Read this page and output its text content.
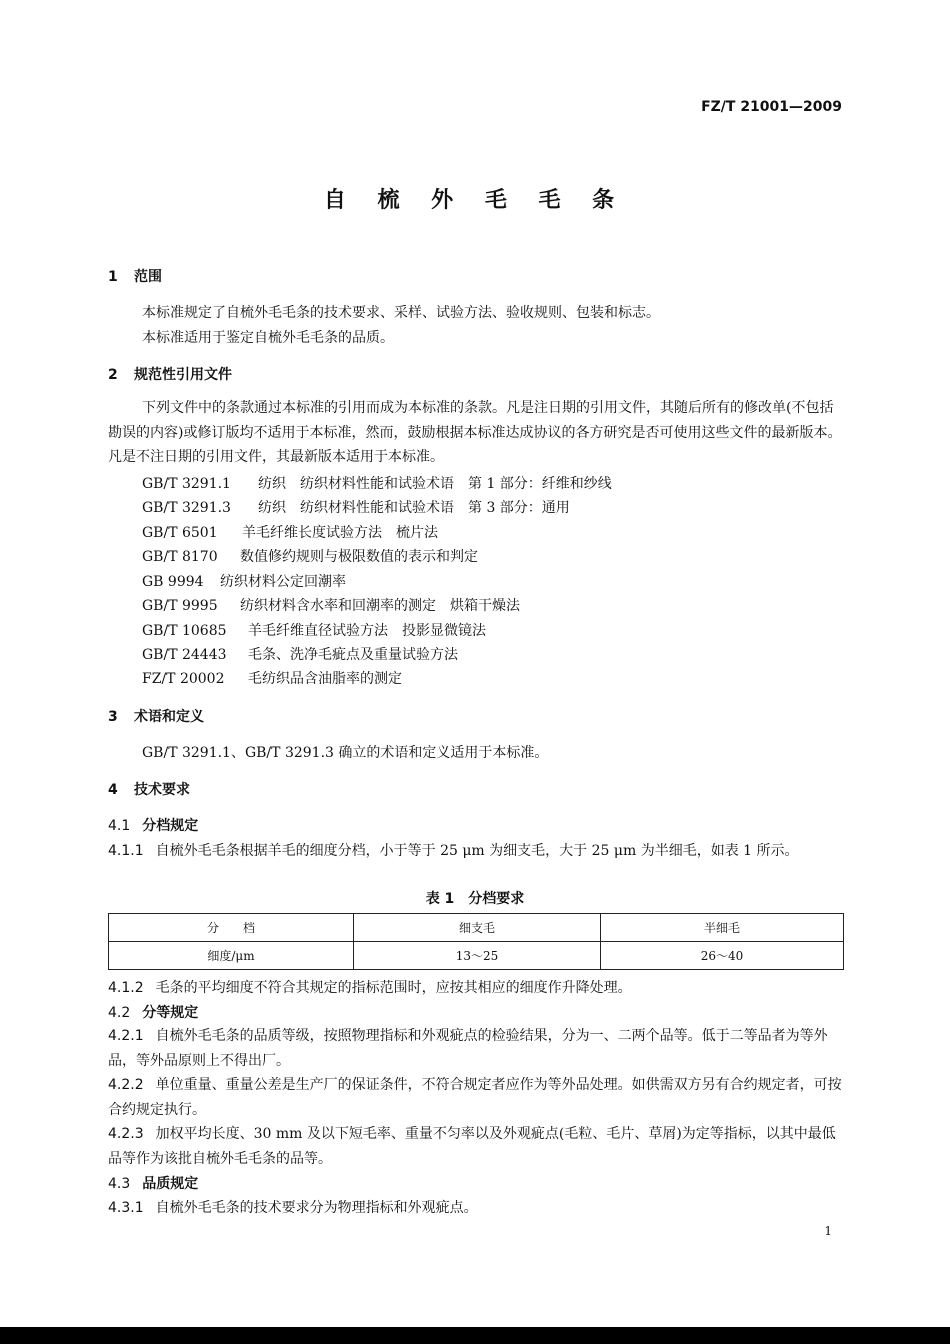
FZ/T 21001—2009
自 梳 外 毛 毛 条
1 范围
本标准规定了自梳外毛毛条的技术要求、采样、试验方法、验收规则、包装和标志。
本标准适用于鉴定自梳外毛毛条的品质。
2 规范性引用文件
下列文件中的条款通过本标准的引用而成为本标准的条款。凡是注日期的引用文件，其随后所有的修改单(不包括勘误的内容)或修订版均不适用于本标准，然而，鼓励根据本标准达成协议的各方研究是否可使用这些文件的最新版本。凡是不注日期的引用文件，其最新版本适用于本标准。
GB/T 3291.1 纺织　纺织材料性能和试验术语　第 1 部分：纤维和纱线
GB/T 3291.3 纺织　纺织材料性能和试验术语　第 3 部分：通用
GB/T 6501 羊毛纤维长度试验方法　梳片法
GB/T 8170 数值修约规则与极限数值的表示和判定
GB 9994 纺织材料公定回潮率
GB/T 9995 纺织材料含水率和回潮率的测定　烘箱干燥法
GB/T 10685 羊毛纤维直径试验方法　投影显微镜法
GB/T 24443 毛条、洗净毛疵点及重量试验方法
FZ/T 20002 毛纺织品含油脂率的测定
3 术语和定义
GB/T 3291.1、GB/T 3291.3 确立的术语和定义适用于本标准。
4 技术要求
4.1 分档规定
4.1.1 自梳外毛毛条根据羊毛的细度分档，小于等于 25 μm 为细支毛，大于 25 μm 为半细毛，如表 1 所示。
表 1　分档要求
分　　档	细支毛	半细毛
细度/μm	13～25	26～40
4.1.2 毛条的平均细度不符合其规定的指标范围时，应按其相应的细度作升降处理。
4.2 分等规定
4.2.1 自梳外毛毛条的品质等级，按照物理指标和外观疵点的检验结果，分为一、二两个品等。低于二等品者为等外品，等外品原则上不得出厂。
4.2.2 单位重量、重量公差是生产厂的保证条件，不符合规定者应作为等外品处理。如供需双方另有合约规定者，可按合约规定执行。
4.2.3 加权平均长度、30 mm 及以下短毛率、重量不匀率以及外观疵点(毛粒、毛片、草屑)为定等指标，以其中最低品等作为该批自梳外毛毛条的品等。
4.3 品质规定
4.3.1 自梳外毛毛条的技术要求分为物理指标和外观疵点。
1
